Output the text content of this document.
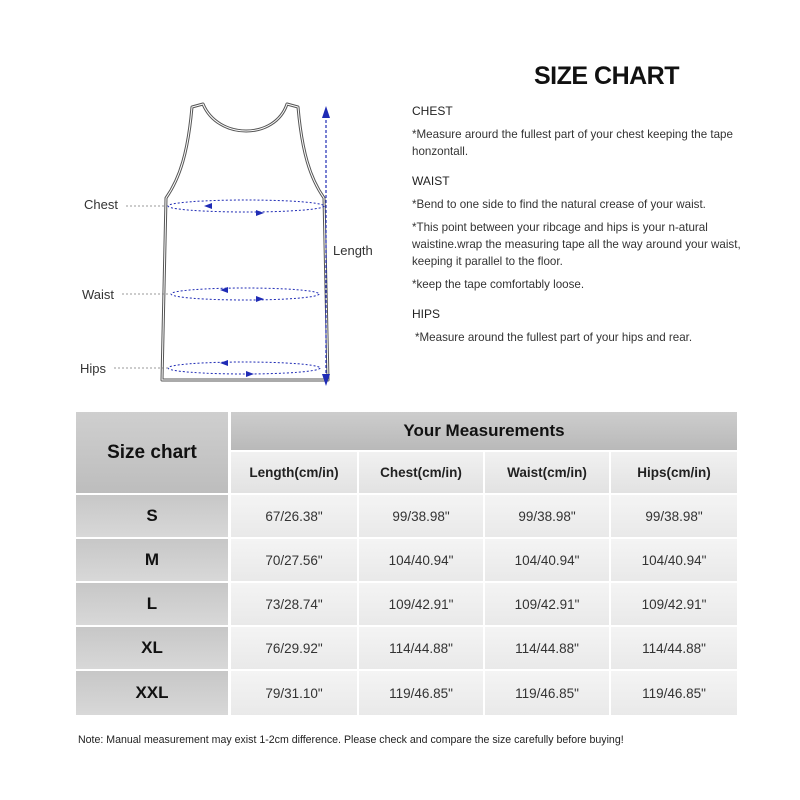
Chest
Waist
Hips
Length
SIZE CHART

CHEST

*Measure arourd the fullest part of your chest keeping the tape honzontall.

WAIST

*Bend to one side to find the natural crease of your waist.

*This point between your ribcage and hips is your n-atural waistine.wrap the measuring tape all the way around your waist, keeping it parallel to the floor.

*keep the tape comfortably loose.

HIPS

*Measure around the fullest part of your hips and rear.

Size chart
Your Measurements
Length(cm/in)	Chest(cm/in)	Waist(cm/in)	Hips(cm/in)
S	67/26.38"	99/38.98"	99/38.98"	99/38.98"
M	70/27.56"	104/40.94"	104/40.94"	104/40.94"
L	73/28.74"	109/42.91"	109/42.91"	109/42.91"
XL	76/29.92"	114/44.88"	114/44.88"	114/44.88"
XXL	79/31.10"	119/46.85"	119/46.85"	119/46.85"
Note: Manual measurement may exist 1-2cm difference. Please check and compare the size carefully before buying!
